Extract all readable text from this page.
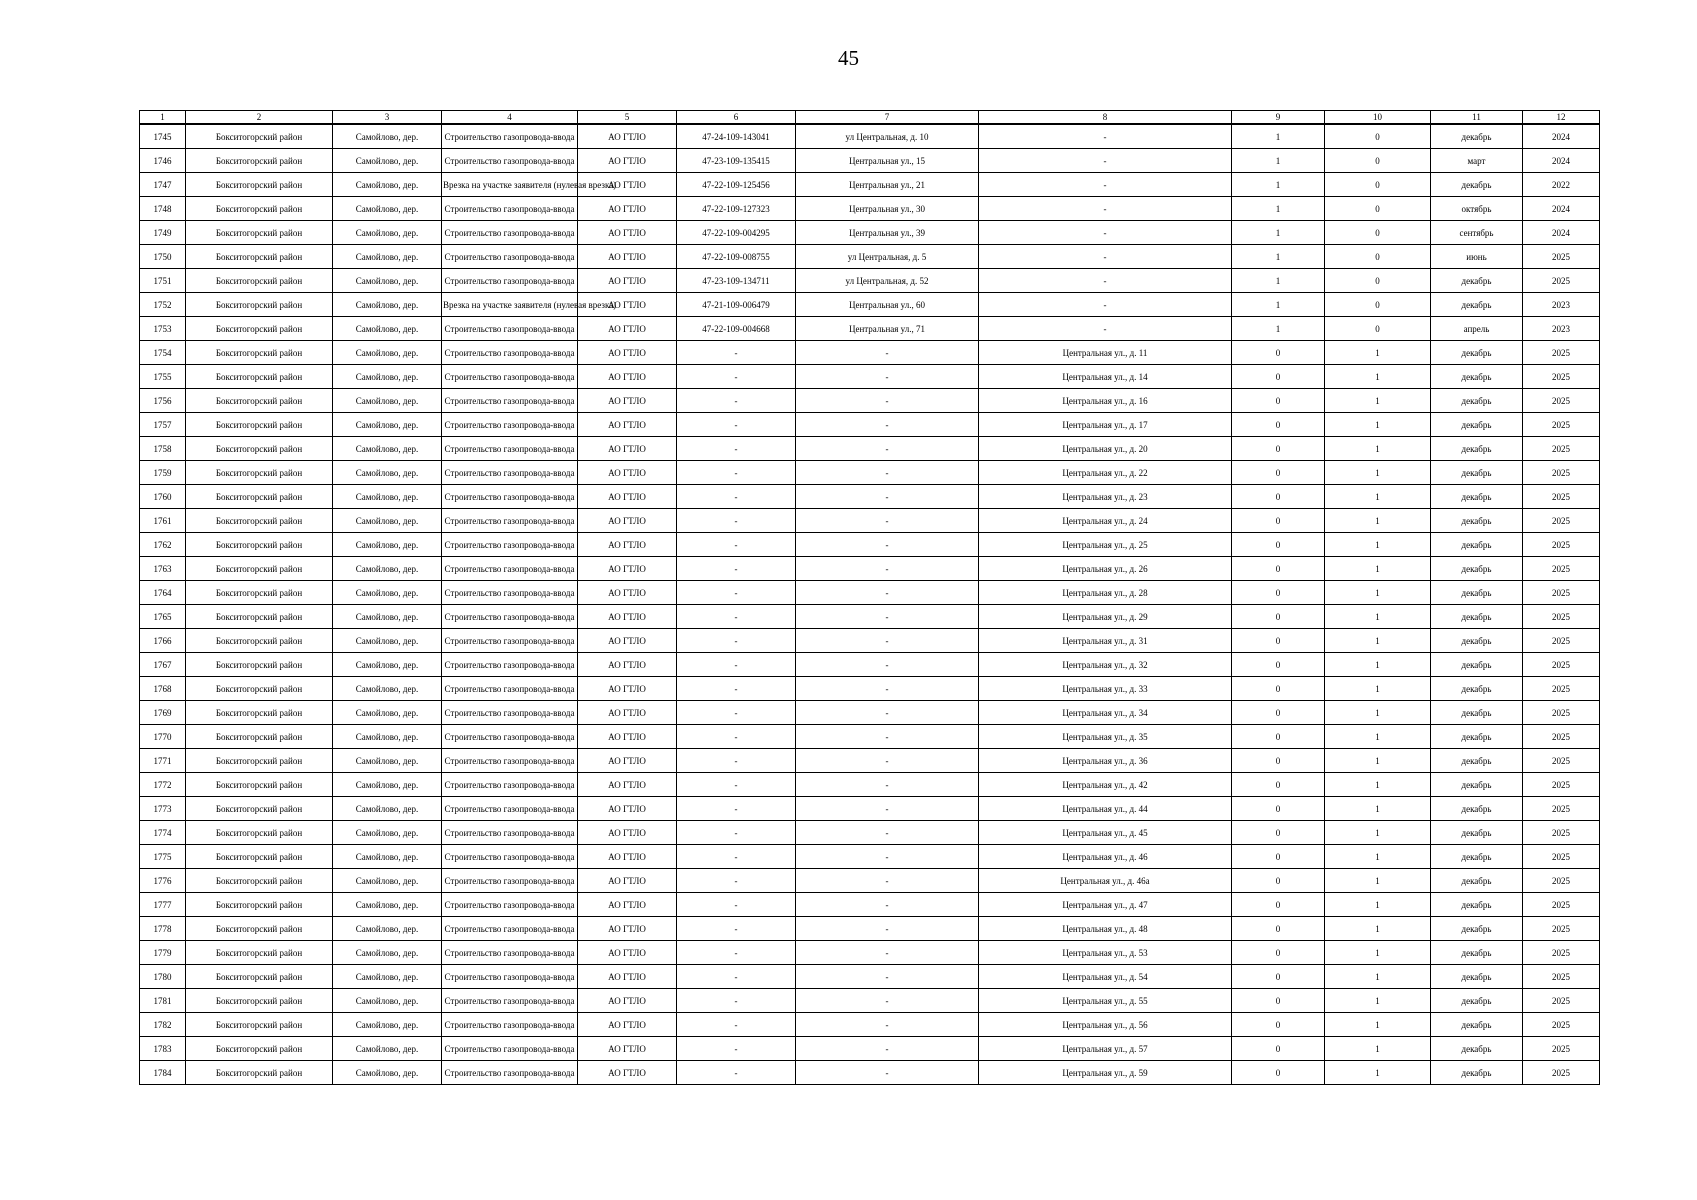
45
1	2	3	4	5	6	7	8	9	10	11	12
1745	Бокситогорский район	Самойлово, дер.	Строительство газопровода-ввода	АО ГТЛО	47-24-109-143041	ул Центральная, д. 10	-	1	0	декабрь	2024
1746	Бокситогорский район	Самойлово, дер.	Строительство газопровода-ввода	АО ГТЛО	47-23-109-135415	Центральная ул., 15	-	1	0	март	2024
1747	Бокситогорский район	Самойлово, дер.	Врезка на участке заявителя (нулевая врезка)	АО ГТЛО	47-22-109-125456	Центральная ул., 21	-	1	0	декабрь	2022
1748	Бокситогорский район	Самойлово, дер.	Строительство газопровода-ввода	АО ГТЛО	47-22-109-127323	Центральная ул., 30	-	1	0	октябрь	2024
1749	Бокситогорский район	Самойлово, дер.	Строительство газопровода-ввода	АО ГТЛО	47-22-109-004295	Центральная ул., 39	-	1	0	сентябрь	2024
1750	Бокситогорский район	Самойлово, дер.	Строительство газопровода-ввода	АО ГТЛО	47-22-109-008755	ул Центральная, д. 5	-	1	0	июнь	2025
1751	Бокситогорский район	Самойлово, дер.	Строительство газопровода-ввода	АО ГТЛО	47-23-109-134711	ул Центральная, д. 52	-	1	0	декабрь	2025
1752	Бокситогорский район	Самойлово, дер.	Врезка на участке заявителя (нулевая врезка)	АО ГТЛО	47-21-109-006479	Центральная ул., 60	-	1	0	декабрь	2023
1753	Бокситогорский район	Самойлово, дер.	Строительство газопровода-ввода	АО ГТЛО	47-22-109-004668	Центральная ул., 71	-	1	0	апрель	2023
1754	Бокситогорский район	Самойлово, дер.	Строительство газопровода-ввода	АО ГТЛО	-	-	Центральная ул., д. 11	0	1	декабрь	2025
1755	Бокситогорский район	Самойлово, дер.	Строительство газопровода-ввода	АО ГТЛО	-	-	Центральная ул., д. 14	0	1	декабрь	2025
1756	Бокситогорский район	Самойлово, дер.	Строительство газопровода-ввода	АО ГТЛО	-	-	Центральная ул., д. 16	0	1	декабрь	2025
1757	Бокситогорский район	Самойлово, дер.	Строительство газопровода-ввода	АО ГТЛО	-	-	Центральная ул., д. 17	0	1	декабрь	2025
1758	Бокситогорский район	Самойлово, дер.	Строительство газопровода-ввода	АО ГТЛО	-	-	Центральная ул., д. 20	0	1	декабрь	2025
1759	Бокситогорский район	Самойлово, дер.	Строительство газопровода-ввода	АО ГТЛО	-	-	Центральная ул., д. 22	0	1	декабрь	2025
1760	Бокситогорский район	Самойлово, дер.	Строительство газопровода-ввода	АО ГТЛО	-	-	Центральная ул., д. 23	0	1	декабрь	2025
1761	Бокситогорский район	Самойлово, дер.	Строительство газопровода-ввода	АО ГТЛО	-	-	Центральная ул., д. 24	0	1	декабрь	2025
1762	Бокситогорский район	Самойлово, дер.	Строительство газопровода-ввода	АО ГТЛО	-	-	Центральная ул., д. 25	0	1	декабрь	2025
1763	Бокситогорский район	Самойлово, дер.	Строительство газопровода-ввода	АО ГТЛО	-	-	Центральная ул., д. 26	0	1	декабрь	2025
1764	Бокситогорский район	Самойлово, дер.	Строительство газопровода-ввода	АО ГТЛО	-	-	Центральная ул., д. 28	0	1	декабрь	2025
1765	Бокситогорский район	Самойлово, дер.	Строительство газопровода-ввода	АО ГТЛО	-	-	Центральная ул., д. 29	0	1	декабрь	2025
1766	Бокситогорский район	Самойлово, дер.	Строительство газопровода-ввода	АО ГТЛО	-	-	Центральная ул., д. 31	0	1	декабрь	2025
1767	Бокситогорский район	Самойлово, дер.	Строительство газопровода-ввода	АО ГТЛО	-	-	Центральная ул., д. 32	0	1	декабрь	2025
1768	Бокситогорский район	Самойлово, дер.	Строительство газопровода-ввода	АО ГТЛО	-	-	Центральная ул., д. 33	0	1	декабрь	2025
1769	Бокситогорский район	Самойлово, дер.	Строительство газопровода-ввода	АО ГТЛО	-	-	Центральная ул., д. 34	0	1	декабрь	2025
1770	Бокситогорский район	Самойлово, дер.	Строительство газопровода-ввода	АО ГТЛО	-	-	Центральная ул., д. 35	0	1	декабрь	2025
1771	Бокситогорский район	Самойлово, дер.	Строительство газопровода-ввода	АО ГТЛО	-	-	Центральная ул., д. 36	0	1	декабрь	2025
1772	Бокситогорский район	Самойлово, дер.	Строительство газопровода-ввода	АО ГТЛО	-	-	Центральная ул., д. 42	0	1	декабрь	2025
1773	Бокситогорский район	Самойлово, дер.	Строительство газопровода-ввода	АО ГТЛО	-	-	Центральная ул., д. 44	0	1	декабрь	2025
1774	Бокситогорский район	Самойлово, дер.	Строительство газопровода-ввода	АО ГТЛО	-	-	Центральная ул., д. 45	0	1	декабрь	2025
1775	Бокситогорский район	Самойлово, дер.	Строительство газопровода-ввода	АО ГТЛО	-	-	Центральная ул., д. 46	0	1	декабрь	2025
1776	Бокситогорский район	Самойлово, дер.	Строительство газопровода-ввода	АО ГТЛО	-	-	Центральная ул., д. 46а	0	1	декабрь	2025
1777	Бокситогорский район	Самойлово, дер.	Строительство газопровода-ввода	АО ГТЛО	-	-	Центральная ул., д. 47	0	1	декабрь	2025
1778	Бокситогорский район	Самойлово, дер.	Строительство газопровода-ввода	АО ГТЛО	-	-	Центральная ул., д. 48	0	1	декабрь	2025
1779	Бокситогорский район	Самойлово, дер.	Строительство газопровода-ввода	АО ГТЛО	-	-	Центральная ул., д. 53	0	1	декабрь	2025
1780	Бокситогорский район	Самойлово, дер.	Строительство газопровода-ввода	АО ГТЛО	-	-	Центральная ул., д. 54	0	1	декабрь	2025
1781	Бокситогорский район	Самойлово, дер.	Строительство газопровода-ввода	АО ГТЛО	-	-	Центральная ул., д. 55	0	1	декабрь	2025
1782	Бокситогорский район	Самойлово, дер.	Строительство газопровода-ввода	АО ГТЛО	-	-	Центральная ул., д. 56	0	1	декабрь	2025
1783	Бокситогорский район	Самойлово, дер.	Строительство газопровода-ввода	АО ГТЛО	-	-	Центральная ул., д. 57	0	1	декабрь	2025
1784	Бокситогорский район	Самойлово, дер.	Строительство газопровода-ввода	АО ГТЛО	-	-	Центральная ул., д. 59	0	1	декабрь	2025
